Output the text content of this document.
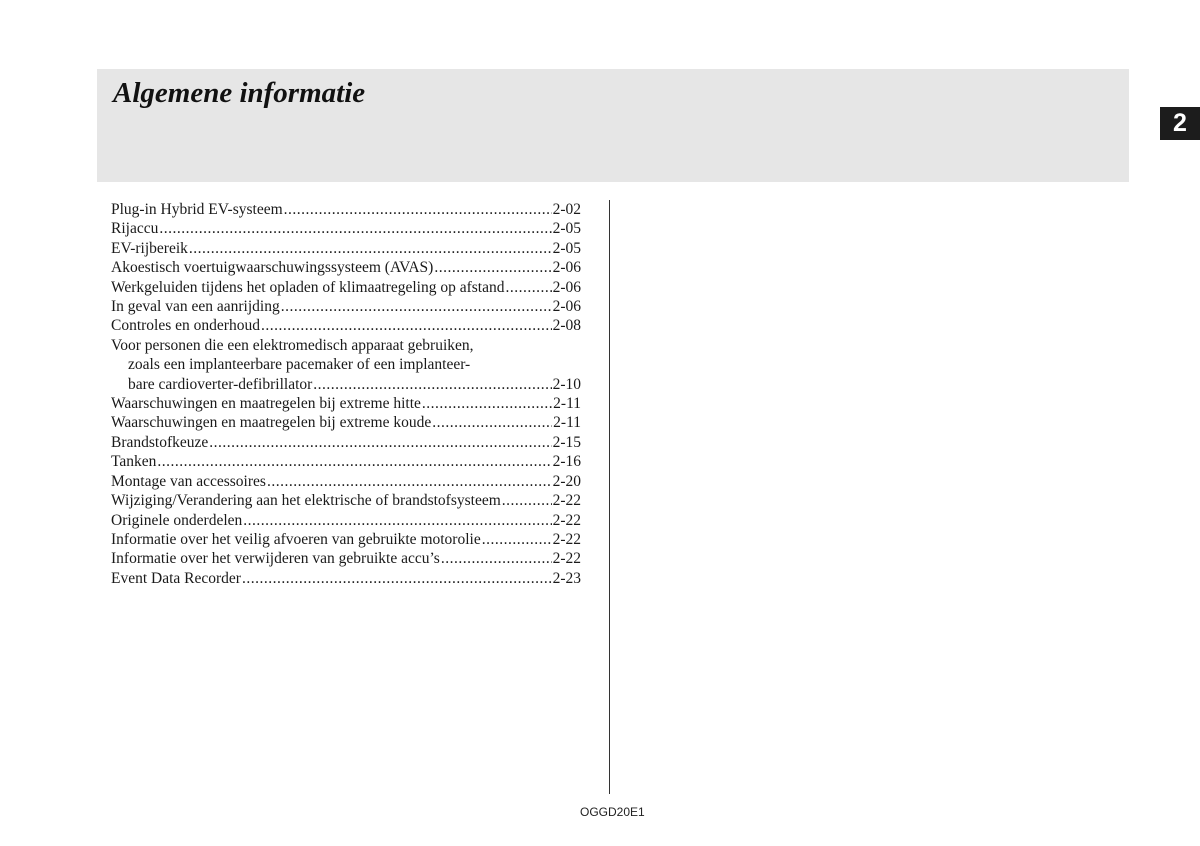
Algemene informatie
2
Plug-in Hybrid EV-systeem .....	2-02
Rijaccu .....	2-05
EV-rijbereik .....	2-05
Akoestisch voertuigwaarschuwingssysteem (AVAS) .....	2-06
Werkgeluiden tijdens het opladen of klimaatregeling op afstand .....	2-06
In geval van een aanrijding .....	2-06
Controles en onderhoud .....	2-08
Voor personen die een elektromedisch apparaat gebruiken,
zoals een implanteerbare pacemaker of een implanteer-
bare cardioverter-defibrillator .....	2-10
Waarschuwingen en maatregelen bij extreme hitte .....	2-11
Waarschuwingen en maatregelen bij extreme koude .....	2-11
Brandstofkeuze .....	2-15
Tanken .....	2-16
Montage van accessoires .....	2-20
Wijziging/Verandering aan het elektrische of brandstofsysteem .....	2-22
Originele onderdelen .....	2-22
Informatie over het veilig afvoeren van gebruikte motorolie .....	2-22
Informatie over het verwijderen van gebruikte accu’s .....	2-22
Event Data Recorder .....	2-23
OGGD20E1
